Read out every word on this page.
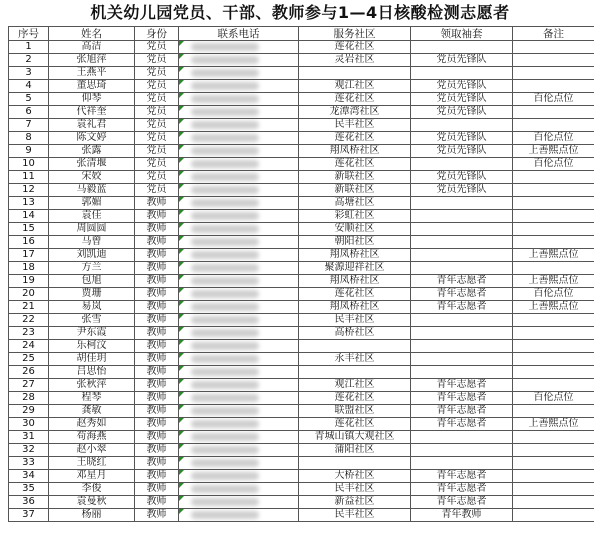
机关幼儿园党员、干部、教师参与1—4日核酸检测志愿者
序号	姓名	身份	联系电话	服务社区	领取袖套	备注
1	高洁	党员		莲花社区		
2	张旭萍	党员		灵岩社区	党员先锋队	
3	王燕平	党员	

4	董思琦	党员		观江社区	党员先锋队	
5	仰琴	党员		莲花社区	党员先锋队	百伦点位
6	代祥奎	党员		龙潭湾社区	党员先锋队	
7	袁礼君	党员		民丰社区		
8	陈文婷	党员		莲花社区	党员先锋队	百伦点位
9	张露	党员		翔凤桥社区	党员先锋队	上善熙点位
10	张清堰	党员		莲花社区		百伦点位
11	宋姣	党员		新联社区	党员先锋队	
12	马毅蓝	党员		新联社区	党员先锋队	
13	郭媚	教师		高塘社区		
14	袁佳	教师		彩虹社区		
15	周圆圆	教师		安顺社区		
16	马曾	教师		朝阳社区		
17	刘凯迪	教师		翔凤桥社区		上善熙点位
18	方兰	教师		聚源迎祥社区		
19	包旭	教师		翔凤桥社区	青年志愿者	上善熙点位
20	贾珊	教师		莲花社区	青年志愿者	百伦点位
21	易岚	教师		翔凤桥社区	青年志愿者	上善熙点位
22	张雪	教师		民丰社区		
23	尹东霞	教师		高桥社区		
24	乐柯汶	教师	

25	胡佳玥	教师		永丰社区		
26	吕思怡	教师	

27	张秋萍	教师		观江社区	青年志愿者	
28	程琴	教师		莲花社区	青年志愿者	百伦点位
29	龚敏	教师		联盟社区	青年志愿者	
30	赵秀如	教师		莲花社区	青年志愿者	上善熙点位
31	苟海燕	教师		青城山镇大观社区		
32	赵小翠	教师		蒲阳社区		
33	王晓红	教师	

34	邓星月	教师		大桥社区	青年志愿者	
35	李俊	教师		民丰社区	青年志愿者	
36	袁曼秋	教师		新益社区	青年志愿者	
37	杨丽	教师		民丰社区	青年教师	
